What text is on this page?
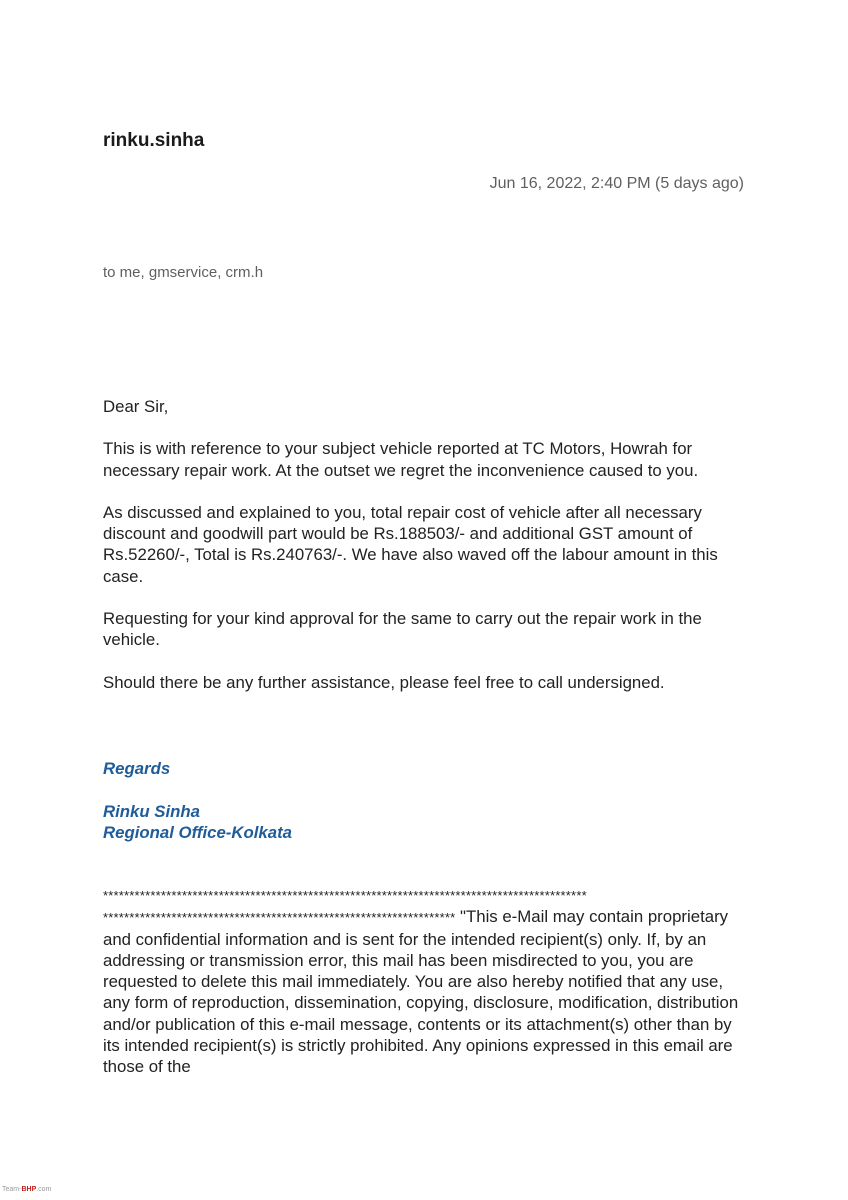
rinku.sinha
Jun 16, 2022, 2:40 PM (5 days ago)
to me, gmservice, crm.h

Dear Sir,

This is with reference to your subject vehicle reported at TC Motors, Howrah for necessary repair work. At the outset we regret the inconvenience caused to you.

As discussed and explained to you, total repair cost of vehicle after all necessary discount and goodwill part would be Rs.188503/- and additional GST amount of Rs.52260/-, Total is Rs.240763/-. We have also waved off the labour amount in this case.

Requesting for your kind approval for the same to carry out the repair work in the vehicle.

Should there be any further assistance, please feel free to call undersigned.

Regards
Rinku Sinha
Regional Office-Kolkata
********************************************************************************************
******************************************************************* "This e-Mail may contain proprietary and confidential information and is sent for the intended recipient(s) only. If, by an addressing or transmission error, this mail has been misdirected to you, you are requested to delete this mail immediately. You are also hereby notified that any use, any form of reproduction, dissemination, copying, disclosure, modification, distribution and/or publication of this e-mail message, contents or its attachment(s) other than by its intended recipient(s) is strictly prohibited. Any opinions expressed in this email are those of the
Team-BHP.com
